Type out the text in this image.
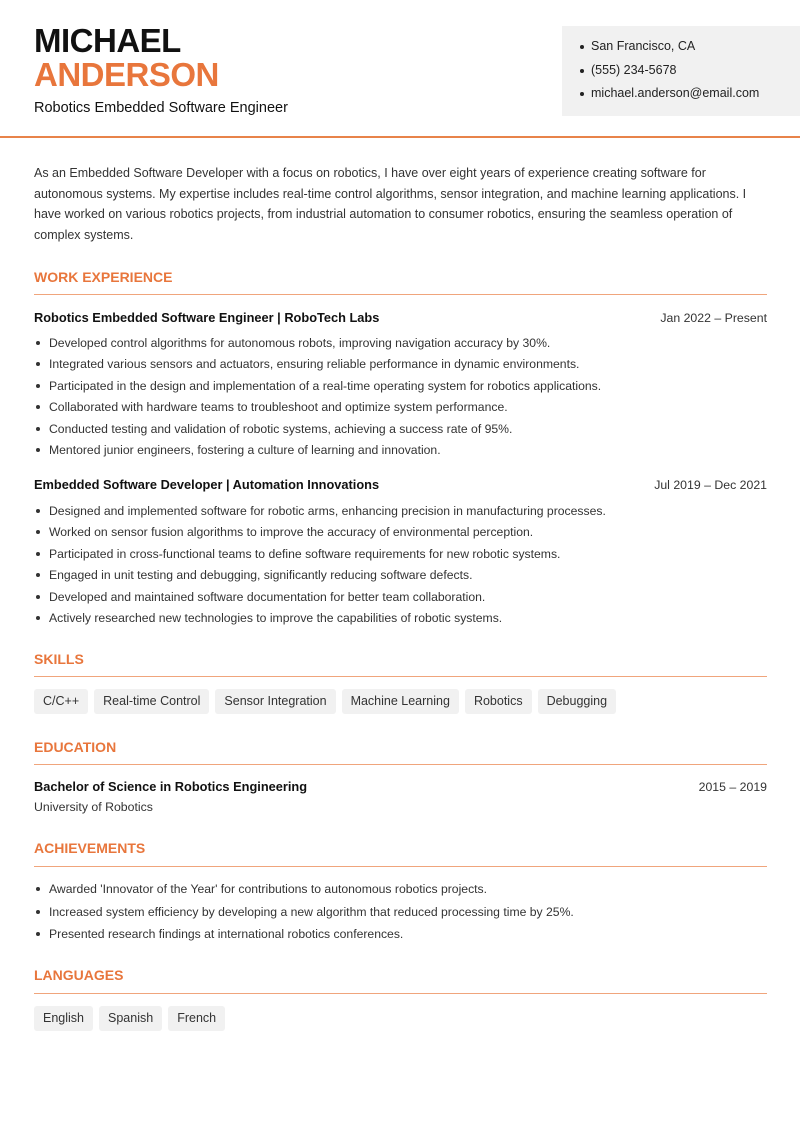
MICHAEL
ANDERSON
Robotics Embedded Software Engineer
San Francisco, CA
(555) 234-5678
michael.anderson@email.com

As an Embedded Software Developer with a focus on robotics, I have over eight years of experience creating software for autonomous systems. My expertise includes real-time control algorithms, sensor integration, and machine learning applications. I have worked on various robotics projects, from industrial automation to consumer robotics, ensuring the seamless operation of complex systems.

WORK EXPERIENCE
Robotics Embedded Software Engineer | RoboTech Labs	Jan 2022 – Present
Developed control algorithms for autonomous robots, improving navigation accuracy by 30%.
Integrated various sensors and actuators, ensuring reliable performance in dynamic environments.
Participated in the design and implementation of a real-time operating system for robotics applications.
Collaborated with hardware teams to troubleshoot and optimize system performance.
Conducted testing and validation of robotic systems, achieving a success rate of 95%.
Mentored junior engineers, fostering a culture of learning and innovation.
Embedded Software Developer | Automation Innovations	Jul 2019 – Dec 2021
Designed and implemented software for robotic arms, enhancing precision in manufacturing processes.
Worked on sensor fusion algorithms to improve the accuracy of environmental perception.
Participated in cross-functional teams to define software requirements for new robotic systems.
Engaged in unit testing and debugging, significantly reducing software defects.
Developed and maintained software documentation for better team collaboration.
Actively researched new technologies to improve the capabilities of robotic systems.
SKILLS
C/C++	Real-time Control	Sensor Integration	Machine Learning	Robotics	Debugging
EDUCATION
Bachelor of Science in Robotics Engineering	2015 – 2019
University of Robotics
ACHIEVEMENTS
Awarded 'Innovator of the Year' for contributions to autonomous robotics projects.
Increased system efficiency by developing a new algorithm that reduced processing time by 25%.
Presented research findings at international robotics conferences.
LANGUAGES
English	Spanish	French
